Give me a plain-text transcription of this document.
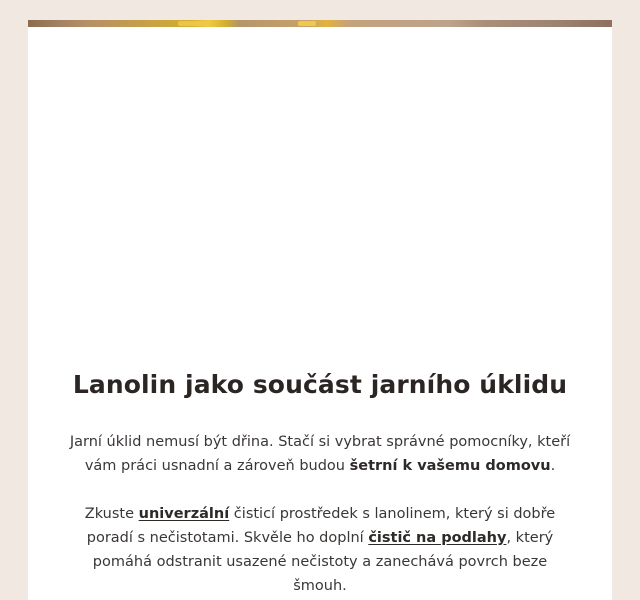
Lanolin jako součást jarního úklidu

Jarní úklid nemusí být dřina. Stačí si vybrat správné pomocníky, kteří vám práci usnadní a zároveň budou šetrní k vašemu domovu.

Zkuste univerzální čisticí prostředek s lanolinem, který si dobře poradí s nečistotami. Skvěle ho doplní čistič na podlahy, který pomáhá odstranit usazené nečistoty a zanechává povrch beze šmouh.
